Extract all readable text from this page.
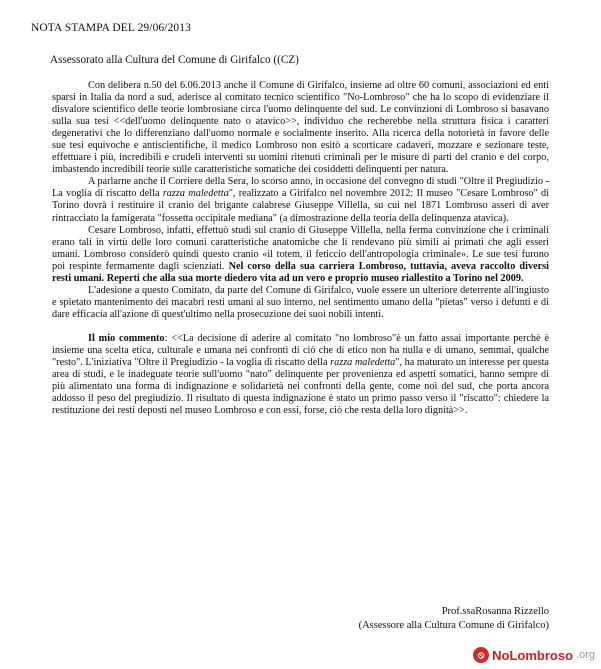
NOTA STAMPA DEL 29/06/2013
Assessorato alla Cultura del Comune di Girifalco ((CZ)

Con delibera n.50 del 6.06.2013 anche il Comune di Girifalco, insieme ad oltre 60 comuni, associazioni ed enti sparsi in Italia da nord a sud, aderisce al comitato tecnico scientifico "No-Lombroso" che ha lo scopo di evidenziare il disvalore scientifico delle teorie lombrosiane circa l'uomo delinquente del sud. Le convinzioni di Lombroso si basavano sulla sua tesi <<dell'uomo delinquente nato o atavico>>, individuo che recherebbe nella struttura fisica i caratteri degenerativi che lo differenziano dall'uomo normale e socialmente inserito. Alla ricerca della notorietà in favore delle sue tesi equivoche e antiscientifiche, il medico Lombroso non esitò a scorticare cadaveri, mozzare e sezionare teste, effettuare i più, incredibili e crudeli interventi su uomini ritenuti criminali per le misure di parti del cranio e del corpo, imbastendo incredibili teorie sulle caratteristiche somatiche dei cosiddetti delinquenti per natura.

A parlarne anche il Corriere della Sera, lo scorso anno, in occasione del convegno di studi "Oltre il Pregiudizio - La voglia di riscatto della razza maledetta", realizzato a Girifalco nel novembre 2012: Il museo "Cesare Lombroso" di Torino dovrà i restituire il cranio del brigante calabrese Giuseppe Villella, su cui nel 1871 Lombroso asserì di aver rintracciato la famigerata "fossetta occipitale mediana" (a dimostrazione della teoria della delinquenza atavica).

Cesare Lombroso, infatti, effettuò studi sul cranio di Giuseppe Villella, nella ferma convinzione che i criminali erano tali in virtù delle loro comuni caratteristiche anatomiche che li rendevano più simili ai primati che agli esseri umani. Lombroso considerò quindi questo cranio «il totem, il feticcio dell'antropologia criminale». Le sue tesi furono poi respinte fermamente dagli scienziati. Nel corso della sua carriera Lombroso, tuttavia, aveva raccolto diversi resti umani. Reperti che alla sua morte diedero vita ad un vero e proprio museo riallestito a Torino nel 2009.

L'adesione a questo Comitato, da parte del Comune di Girifalco, vuole essere un ulteriore deterrente all'ingiusto e spietato mantenimento dei macabri resti umani al suo interno, nel sentimento umano della "pietas" verso i defunti e di dare efficacia all'azione di quest'ultimo nella prosecuzione dei suoi nobili intenti.

Il mio commento: <<La decisione di aderire al comitato "no lombroso"è un fatto assai importante perchè è insieme una scelta etica, culturale e umana nei confronti di ciò che di etico non ha nulla e di umano, semmai, qualche "resto". L'iniziativa "Oltre il Pregiudizio - la voglia di riscatto della razza maledetta", ha maturato un interesse per questa area di studi, e le inadeguate teorie sull'uomo "nato" delinquente per provenienza ed aspetti somatici, hanno sempre di più alimentato una forma di indignazione e solidarietà nei confronti della gente, come noi del sud, che porta ancora addosso il peso del pregiudizio. Il risultato di questa indignazione è stato un primo passo verso il "riscatto": chiedere la restituzione dei resti deposti nel museo Lombroso e con essi, forse, ciò che resta della loro dignità>>.

Prof.ssaRosanna Rizzello
(Assessore alla Cultura Comune di Girifalco)
⦸ NoLombroso .org
